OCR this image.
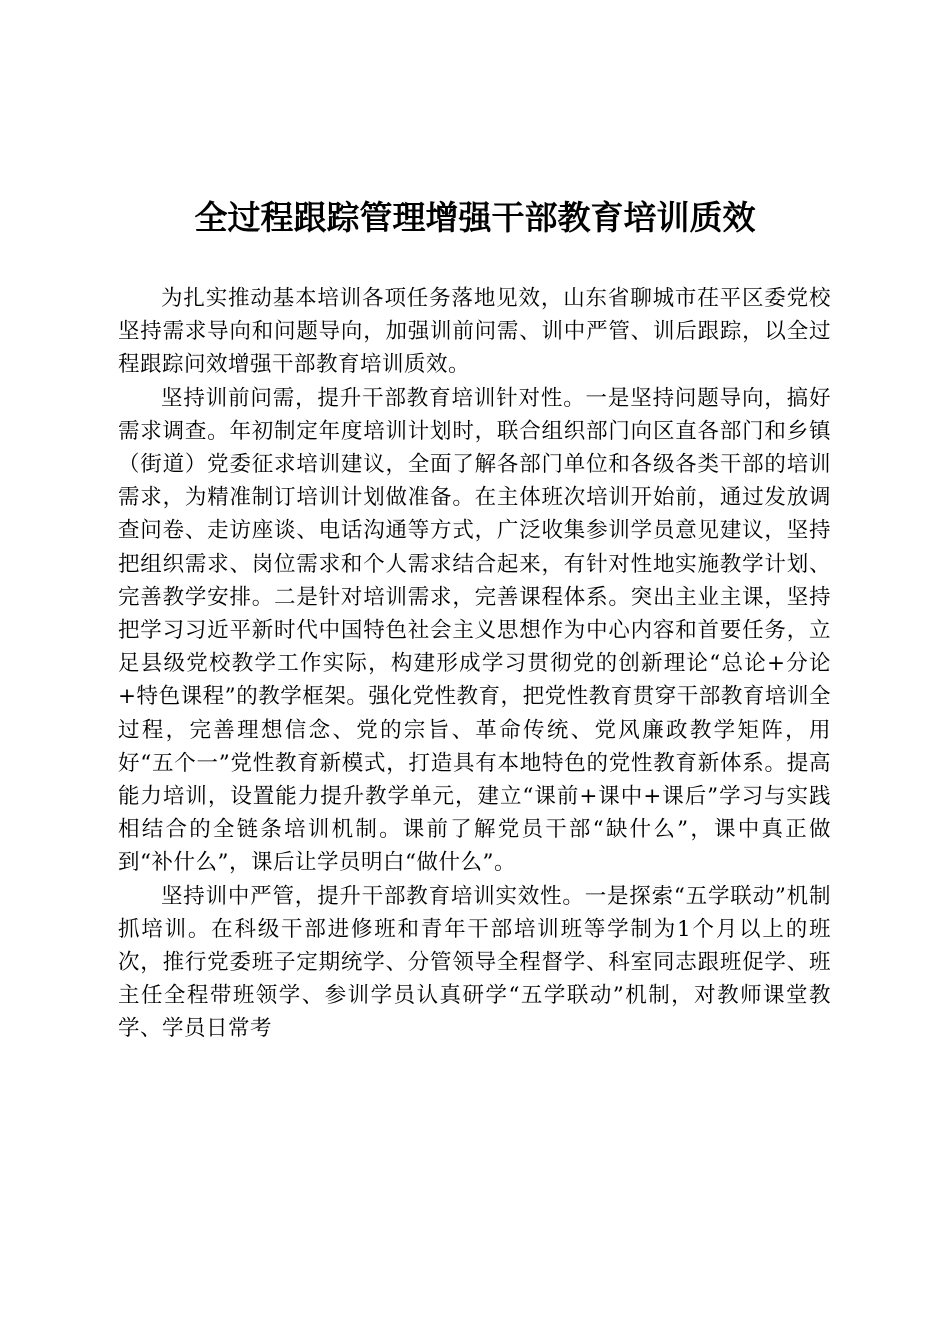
全过程跟踪管理增强干部教育培训质效

为扎实推动基本培训各项任务落地见效，山东省聊城市茌平区委党校坚持需求导向和问题导向，加强训前问需、训中严管、训后跟踪，以全过程跟踪问效增强干部教育培训质效。

坚持训前问需，提升干部教育培训针对性。一是坚持问题导向，搞好需求调查。年初制定年度培训计划时，联合组织部门向区直各部门和乡镇（街道）党委征求培训建议，全面了解各部门单位和各级各类干部的培训需求，为精准制订培训计划做准备。在主体班次培训开始前，通过发放调查问卷、走访座谈、电话沟通等方式，广泛收集参训学员意见建议，坚持把组织需求、岗位需求和个人需求结合起来，有针对性地实施教学计划、完善教学安排。二是针对培训需求，完善课程体系。突出主业主课，坚持把学习习近平新时代中国特色社会主义思想作为中心内容和首要任务，立足县级党校教学工作实际，构建形成学习贯彻党的创新理论“总论+分论+特色课程”的教学框架。强化党性教育，把党性教育贯穿干部教育培训全过程，完善理想信念、党的宗旨、革命传统、党风廉政教学矩阵，用好“五个一”党性教育新模式，打造具有本地特色的党性教育新体系。提高能力培训，设置能力提升教学单元，建立“课前+课中+课后”学习与实践相结合的全链条培训机制。课前了解党员干部“缺什么”，课中真正做到“补什么”，课后让学员明白“做什么”。

坚持训中严管，提升干部教育培训实效性。一是探索“五学联动”机制抓培训。在科级干部进修班和青年干部培训班等学制为1个月以上的班次，推行党委班子定期统学、分管领导全程督学、科室同志跟班促学、班主任全程带班领学、参训学员认真研学“五学联动”机制，对教师课堂教学、学员日常考
